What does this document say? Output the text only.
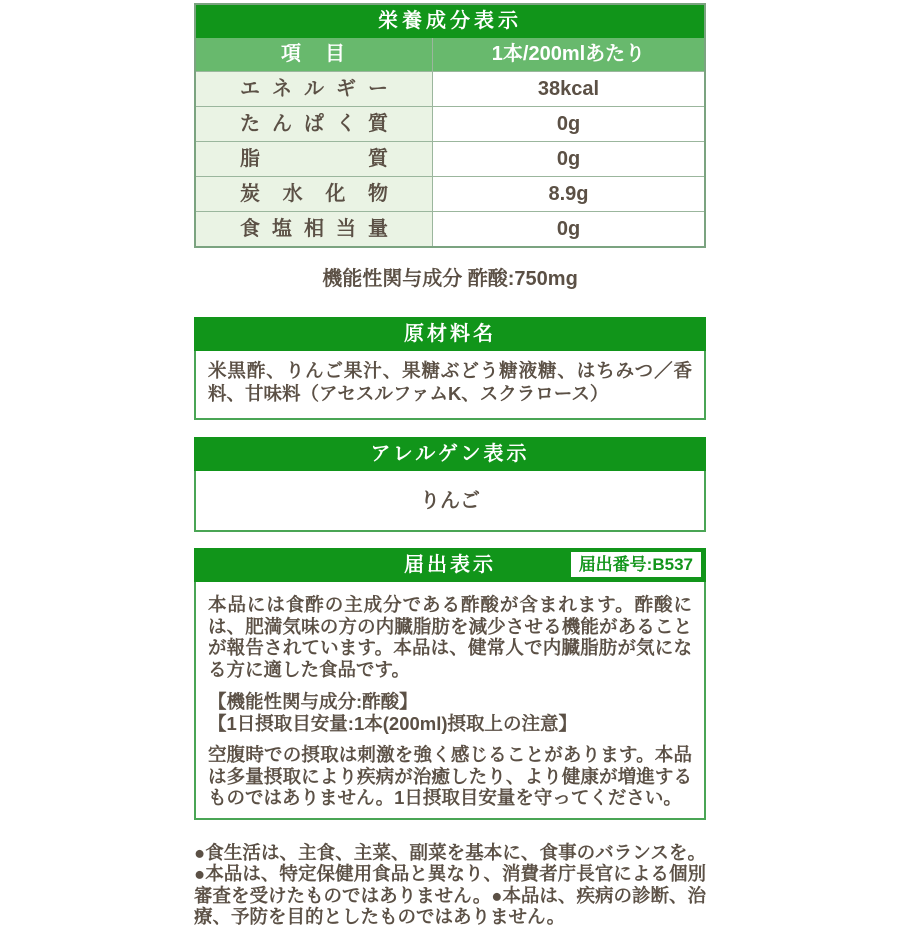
栄養成分表示
項　目	1本/200mlあたり
エネルギー	38kcal
たんぱく質	0g
脂質	0g
炭水化物	8.9g
食塩相当量	0g
機能性関与成分 酢酸:750mg
原材料名
米黒酢、りんご果汁、果糖ぶどう糖液糖、はちみつ／香料、甘味料（アセスルファムK、スクラロース）
アレルゲン表示
りんご
届出表示	届出番号:B537

本品には食酢の主成分である酢酸が含まれます。酢酸には、肥満気味の方の内臓脂肪を減少させる機能があることが報告されています。本品は、健常人で内臓脂肪が気になる方に適した食品です。

【機能性関与成分:酢酸】
【1日摂取目安量:1本(200ml)摂取上の注意】

空腹時での摂取は刺激を強く感じることがあります。本品は多量摂取により疾病が治癒したり、より健康が増進するものではありません。1日摂取目安量を守ってください。

●食生活は、主食、主菜、副菜を基本に、食事のバランスを。●本品は、特定保健用食品と異なり、消費者庁長官による個別審査を受けたものではありません。●本品は、疾病の診断、治療、予防を目的としたものではありません。
